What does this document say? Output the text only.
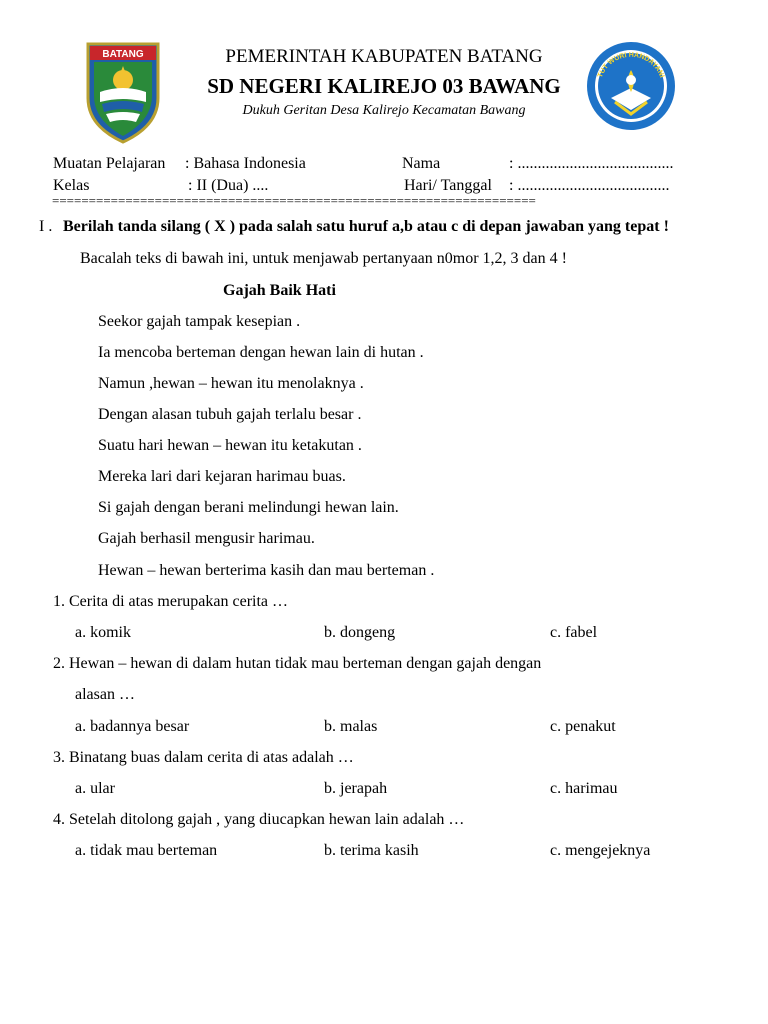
BATANG
TUT WURI HANDAYANI
PEMERINTAH KABUPATEN BATANG
SD NEGERI KALIREJO 03 BAWANG
Dukuh Geritan Desa Kalirejo Kecamatan Bawang
Muatan Pelajaran : Bahasa Indonesia
Kelas	: II (Dua) ....
Nama	: .......................................
Hari/ Tanggal : ......................................
==================================================================
I . Berilah tanda silang ( X ) pada salah satu huruf a,b atau c di depan jawaban yang tepat !
Bacalah teks di bawah ini, untuk menjawab pertanyaan n0mor 1,2, 3 dan 4 !
Gajah Baik Hati
Seekor gajah tampak kesepian .
Ia mencoba berteman dengan hewan lain di hutan .
Namun ,hewan – hewan itu menolaknya .
Dengan alasan tubuh gajah terlalu besar .
Suatu hari hewan – hewan itu ketakutan .
Mereka lari dari kejaran harimau buas.
Si gajah dengan berani melindungi hewan lain.
Gajah berhasil mengusir harimau.
Hewan – hewan berterima kasih dan mau berteman .
1. Cerita di atas merupakan cerita …
a. komik	b. dongeng	c. fabel
2. Hewan – hewan di dalam hutan tidak mau berteman dengan gajah dengan
alasan …
a. badannya besar	b. malas	c. penakut
3. Binatang buas dalam cerita di atas adalah …
a. ular	b. jerapah	c. harimau
4. Setelah ditolong gajah , yang diucapkan hewan lain adalah …
a. tidak mau berteman	b. terima kasih	c. mengejeknya
